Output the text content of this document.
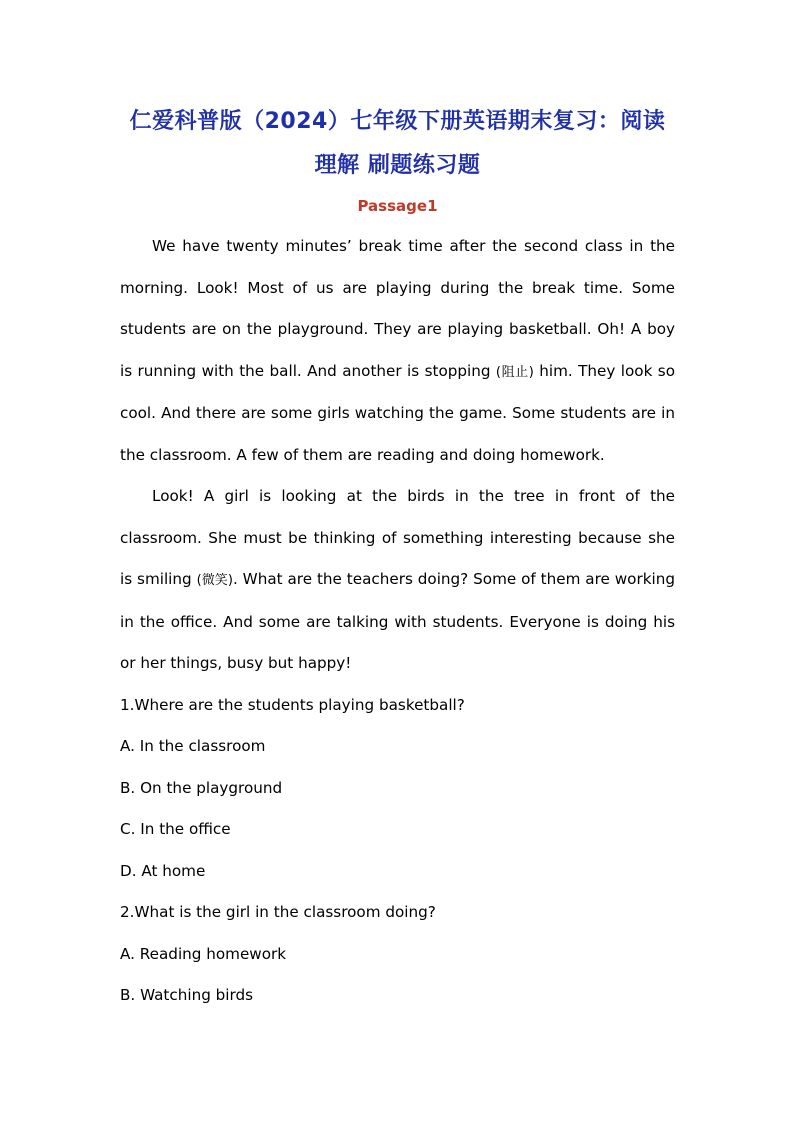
仁爱科普版（2024）七年级下册英语期末复习：阅读理解 刷题练习题
Passage1

We have twenty minutes’ break time after the second class in the morning. Look! Most of us are playing during the break time. Some students are on the playground. They are playing basketball. Oh! A boy is running with the ball. And another is stopping (阻止) him. They look so cool. And there are some girls watching the game. Some students are in the classroom. A few of them are reading and doing homework.

Look! A girl is looking at the birds in the tree in front of the classroom. She must be thinking of something interesting because she is smiling (微笑). What are the teachers doing? Some of them are working in the office. And some are talking with students. Everyone is doing his or her things, busy but happy!

1.Where are the students playing basketball?

A. In the classroom

B. On the playground

C. In the office

D. At home

2.What is the girl in the classroom doing?

A. Reading homework

B. Watching birds
